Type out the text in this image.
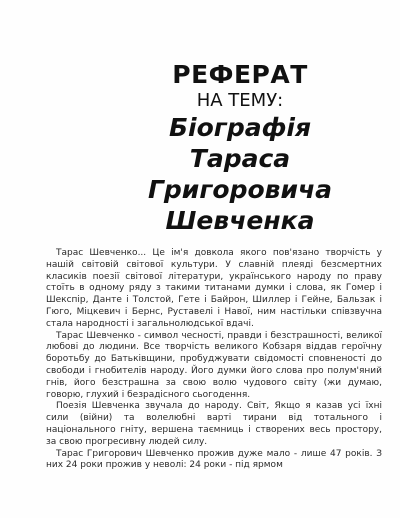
РЕФЕРАТ

НА ТЕМУ:

Біографія

Тараса Григоровича

Шевченка

Тарас Шевченко... Це ім'я довкола якого пов'язано творчість у нашій світовій світової культури. У славній плеяді безсмертних класиків поезії світової літератури, українського народу по праву стоїть в одному ряду з такими титанами думки і слова, як Гомер і Шекспір, Данте і Толстой, Гете і Байрон, Шиллер і Гейне, Бальзак і Гюго, Міцкевич і Бернс, Руставелі і Навої, ним настільки співзвучна стала народності і загальнолюдської вдачі.

Тарас Шевченко - символ чесності, правди і безстрашності, великої любові до людини. Все творчість великого Кобзаря віддав героїчну боротьбу до Батьківщини, пробуджувати свідомості сповненості до свободи і гнобителів народу. Його думки його слова про полум'яний гнів, його безстрашна за свою волю чудового світу (жи думаю, говорю, глухий і безрадісного сьогодення.

Поезія Шевченка звучала до народу. Світ, Якщо я казав усі їхні сили (війни) та волелюбні варті тирани від тотального і національного гніту, вершена таємниць і створених весь простору, за свою прогресивну людей силу.

Тарас Григорович Шевченко прожив дуже мало - лише 47 років. З них 24 роки прожив у неволі: 24 роки - під ярмом
